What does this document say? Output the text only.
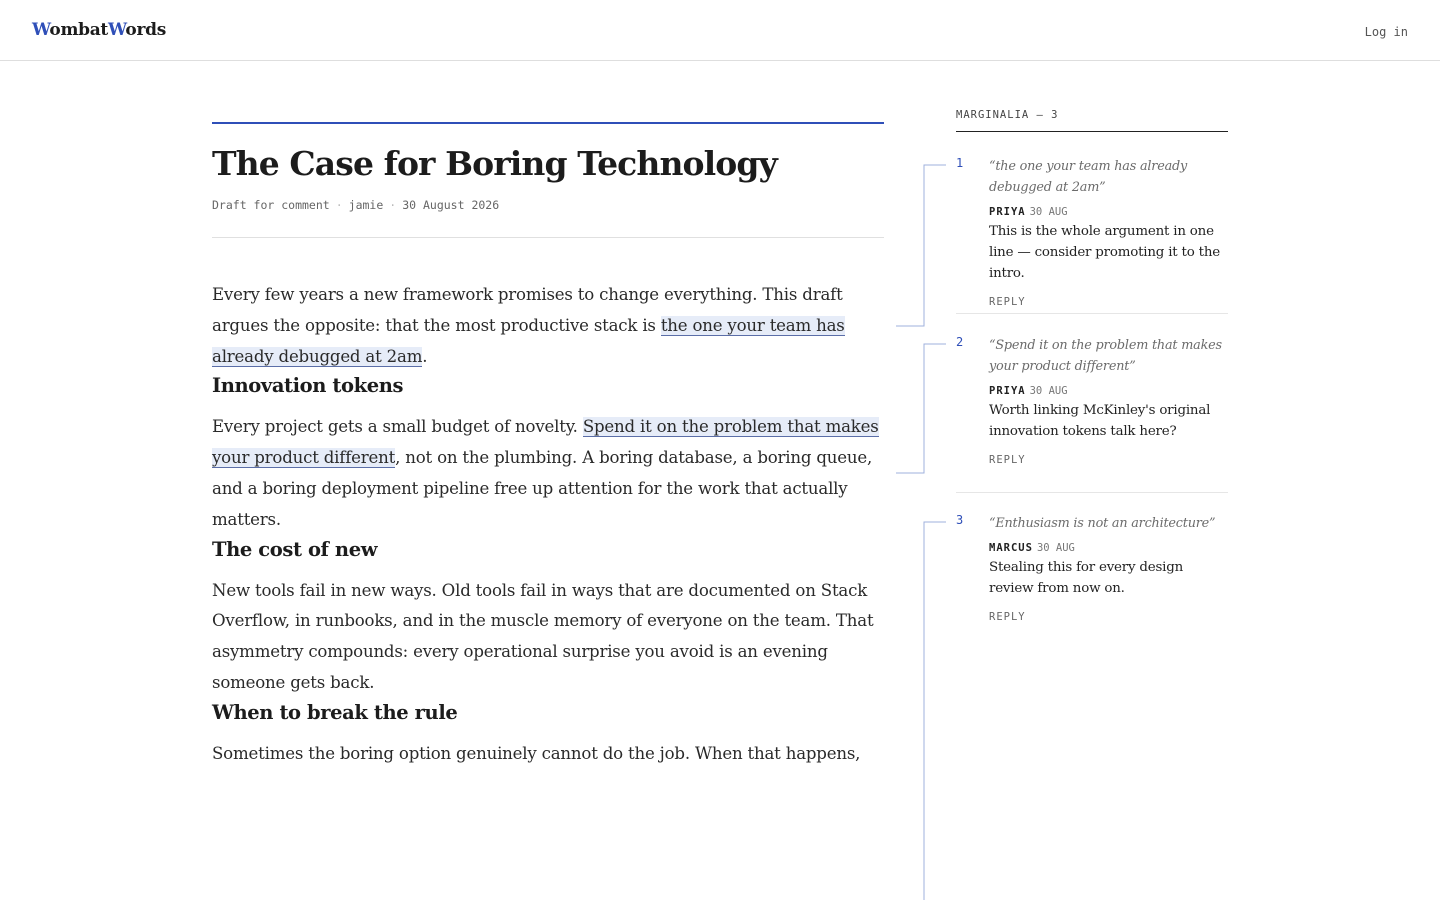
WombatWords	Log in
The Case for Boring Technology
Draft for comment · jamie · 30 August 2026

Every few years a new framework promises to change everything. This draft argues the opposite: that the most productive stack is the one your team has already debugged at 2am.

Innovation tokens

Every project gets a small budget of novelty. Spend it on the problem that makes your product different, not on the plumbing. A boring database, a boring queue, and a boring deployment pipeline free up attention for the work that actually matters.

The cost of new

New tools fail in new ways. Old tools fail in ways that are documented on Stack Overflow, in runbooks, and in the muscle memory of everyone on the team. That asymmetry compounds: every operational surprise you avoid is an evening someone gets back.

When to break the rule

Sometimes the boring option genuinely cannot do the job. When that happens,

MARGINALIA — 3
1 “the one your team has already debugged at 2am”
PRIYA 30 AUG
This is the whole argument in one line — consider promoting it to the intro.
REPLY
2 “Spend it on the problem that makes your product different”
PRIYA 30 AUG
Worth linking McKinley's original innovation tokens talk here?
REPLY
3 “Enthusiasm is not an architecture”
MARCUS 30 AUG
Stealing this for every design review from now on.
REPLY
